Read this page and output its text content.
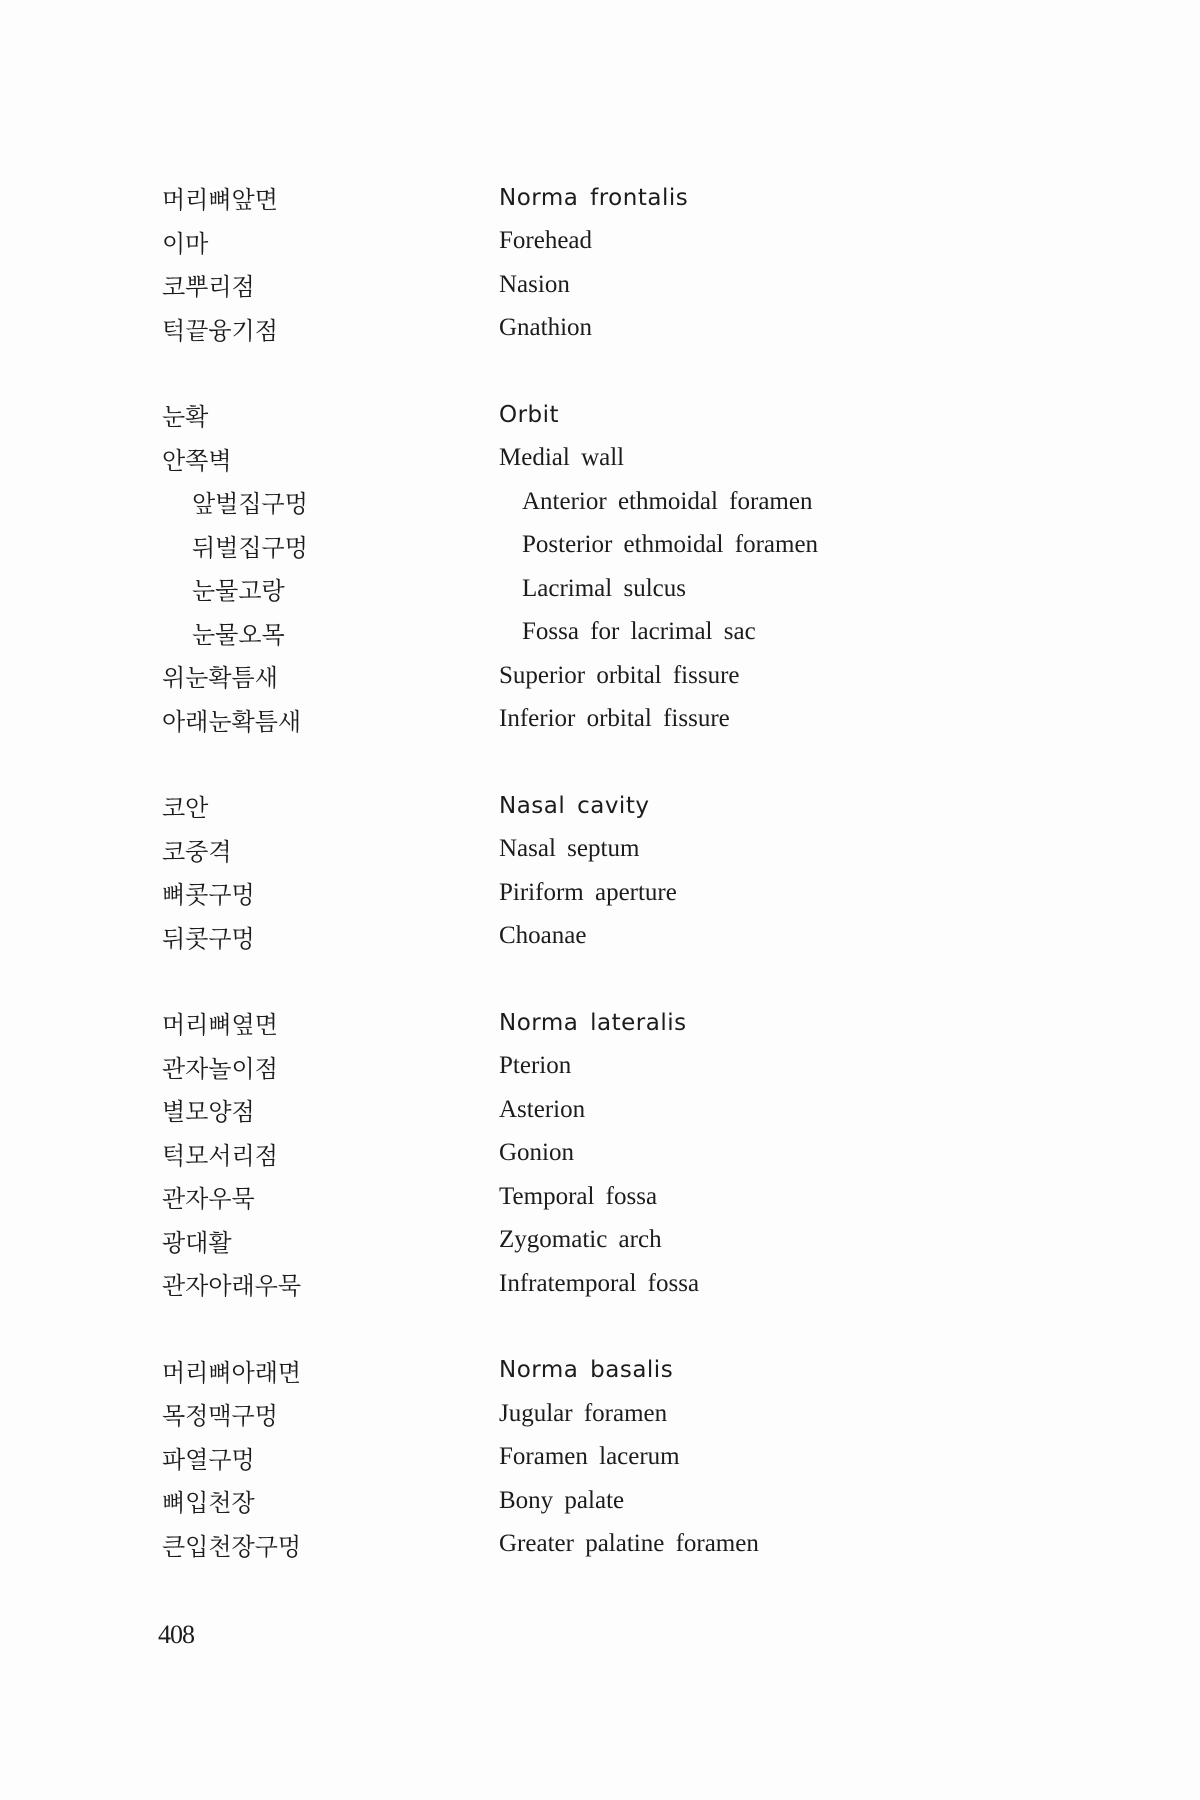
머리뼈앞면	Norma frontalis
이마	Forehead
코뿌리점	Nasion
턱끝융기점	Gnathion
눈확	Orbit
안쪽벽	Medial wall
앞벌집구멍	Anterior ethmoidal foramen
뒤벌집구멍	Posterior ethmoidal foramen
눈물고랑	Lacrimal sulcus
눈물오목	Fossa for lacrimal sac
위눈확틈새	Superior orbital fissure
아래눈확틈새	Inferior orbital fissure
코안	Nasal cavity
코중격	Nasal septum
뼈콧구멍	Piriform aperture
뒤콧구멍	Choanae
머리뼈옆면	Norma lateralis
관자놀이점	Pterion
별모양점	Asterion
턱모서리점	Gonion
관자우묵	Temporal fossa
광대활	Zygomatic arch
관자아래우묵	Infratemporal fossa
머리뼈아래면	Norma basalis
목정맥구멍	Jugular foramen
파열구멍	Foramen lacerum
뼈입천장	Bony palate
큰입천장구멍	Greater palatine foramen
408
